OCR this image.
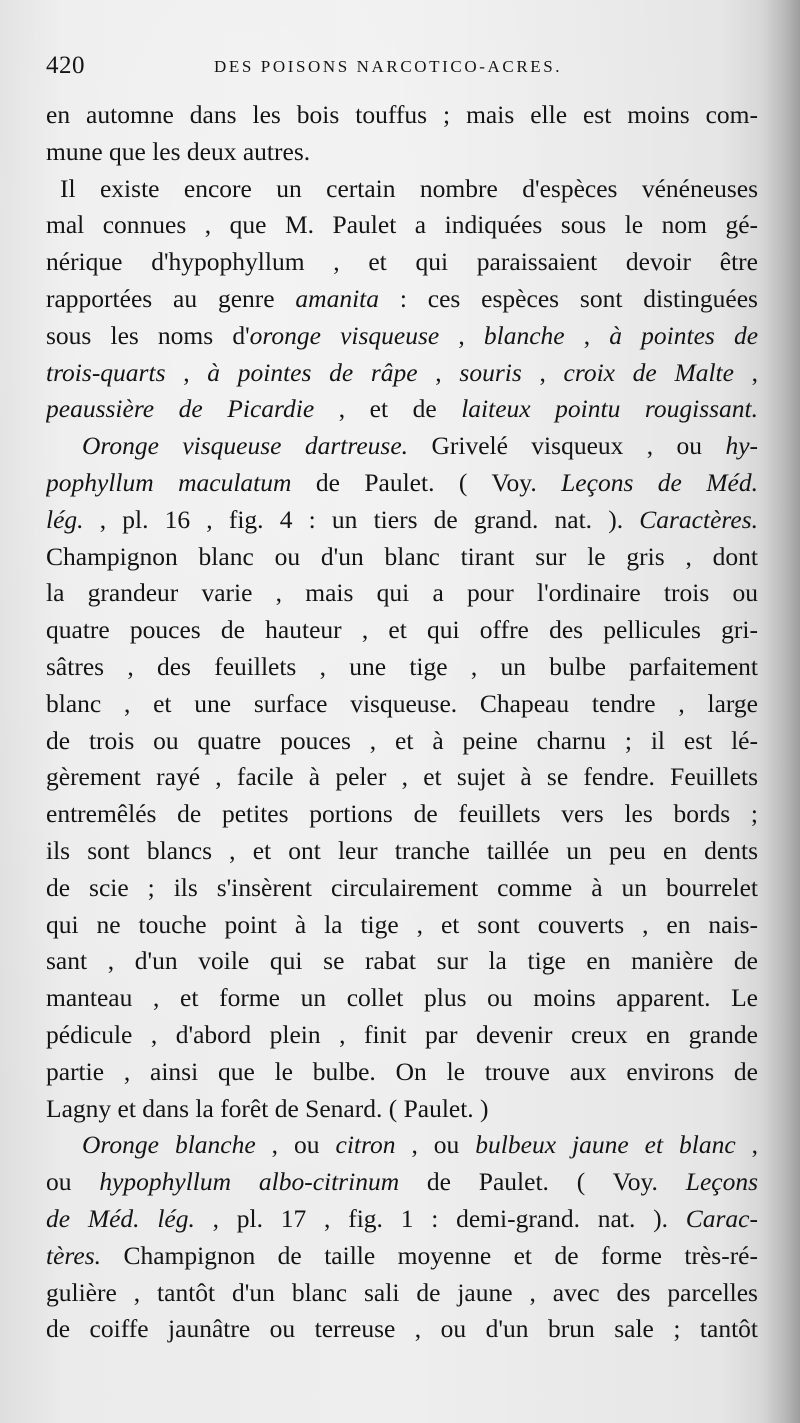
420	DES POISONS NARCOTICO-ACRES.
en automne dans les bois touffus ; mais elle est moins com-
mune que les deux autres.
Il existe encore un certain nombre d'espèces vénéneuses
mal connues , que M. Paulet a indiquées sous le nom gé-
nérique d'hypophyllum , et qui paraissaient devoir être
rapportées au genre amanita : ces espèces sont distinguées
sous les noms d'oronge visqueuse , blanche , à pointes de
trois-quarts , à pointes de râpe , souris , croix de Malte ,
peaussière de Picardie , et de laiteux pointu rougissant.
Oronge visqueuse dartreuse. Grivelé visqueux , ou hy-
pophyllum maculatum de Paulet. ( Voy. Leçons de Méd.
lég. , pl. 16 , fig. 4 : un tiers de grand. nat. ). Caractères.
Champignon blanc ou d'un blanc tirant sur le gris , dont
la grandeur varie , mais qui a pour l'ordinaire trois ou
quatre pouces de hauteur , et qui offre des pellicules gri-
sâtres , des feuillets , une tige , un bulbe parfaitement
blanc , et une surface visqueuse. Chapeau tendre , large
de trois ou quatre pouces , et à peine charnu ; il est lé-
gèrement rayé , facile à peler , et sujet à se fendre. Feuillets
entremêlés de petites portions de feuillets vers les bords ;
ils sont blancs , et ont leur tranche taillée un peu en dents
de scie ; ils s'insèrent circulairement comme à un bourrelet
qui ne touche point à la tige , et sont couverts , en nais-
sant , d'un voile qui se rabat sur la tige en manière de
manteau , et forme un collet plus ou moins apparent. Le
pédicule , d'abord plein , finit par devenir creux en grande
partie , ainsi que le bulbe. On le trouve aux environs de
Lagny et dans la forêt de Senard. ( Paulet. )
Oronge blanche , ou citron , ou bulbeux jaune et blanc ,
ou hypophyllum albo-citrinum de Paulet. ( Voy. Leçons
de Méd. lég. , pl. 17 , fig. 1 : demi-grand. nat. ). Carac-
tères. Champignon de taille moyenne et de forme très-ré-
gulière , tantôt d'un blanc sali de jaune , avec des parcelles
de coiffe jaunâtre ou terreuse , ou d'un brun sale ; tantôt
